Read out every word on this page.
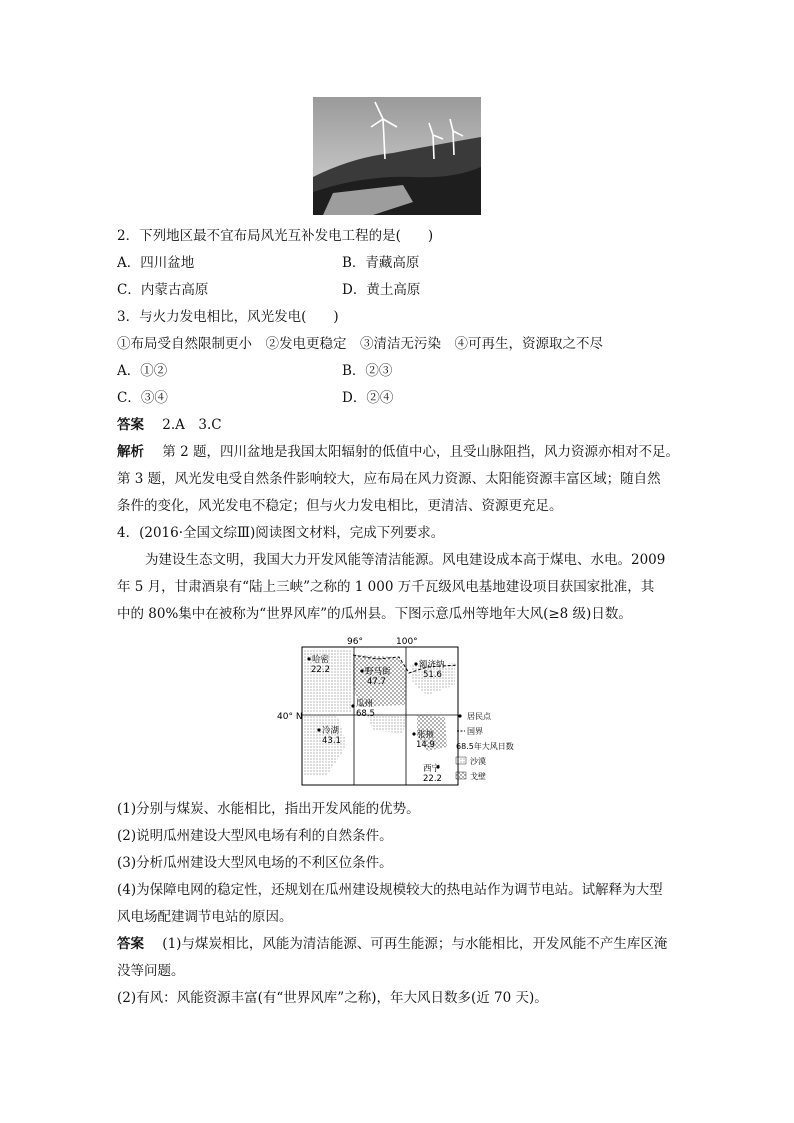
2．下列地区最不宜布局风光互补发电工程的是(　　)
A．四川盆地	B．青藏高原
C．内蒙古高原	D．黄土高原
3．与火力发电相比，风光发电(　　)
①布局受自然限制更小　②发电更稳定　③清洁无污染　④可再生，资源取之不尽
A．①②	B．②③
C．③④	D．②④
答案 2.A　3.C
解析 第 2 题，四川盆地是我国太阳辐射的低值中心，且受山脉阻挡，风力资源亦相对不足。
第 3 题，风光发电受自然条件影响较大，应布局在风力资源、太阳能资源丰富区域；随自然
条件的变化，风光发电不稳定；但与火力发电相比，更清洁、资源更充足。
4．(2016·全国文综Ⅲ)阅读图文材料，完成下列要求。
为建设生态文明，我国大力开发风能等清洁能源。风电建设成本高于煤电、水电。2009
年 5 月，甘肃酒泉有“陆上三峡”之称的 1 000 万千瓦级风电基地建设项目获国家批准，其
中的 80%集中在被称为“世界风库”的瓜州县。下图示意瓜州等地年大风(≥8 级)日数。
96°	100°
40° N
哈密
22.2	野马街
47.7
额济纳
51.6
瓜州
68.5
冷湖
43.1
张掖
14.9
西宁
22.2
居民点
国界
68.5年大风日数
沙漠
戈壁
(1)分别与煤炭、水能相比，指出开发风能的优势。
(2)说明瓜州建设大型风电场有利的自然条件。
(3)分析瓜州建设大型风电场的不利区位条件。
(4)为保障电网的稳定性，还规划在瓜州建设规模较大的热电站作为调节电站。试解释为大型
风电场配建调节电站的原因。
答案 (1)与煤炭相比，风能为清洁能源、可再生能源；与水能相比，开发风能不产生库区淹
没等问题。
(2)有风：风能资源丰富(有“世界风库”之称)，年大风日数多(近 70 天)。
